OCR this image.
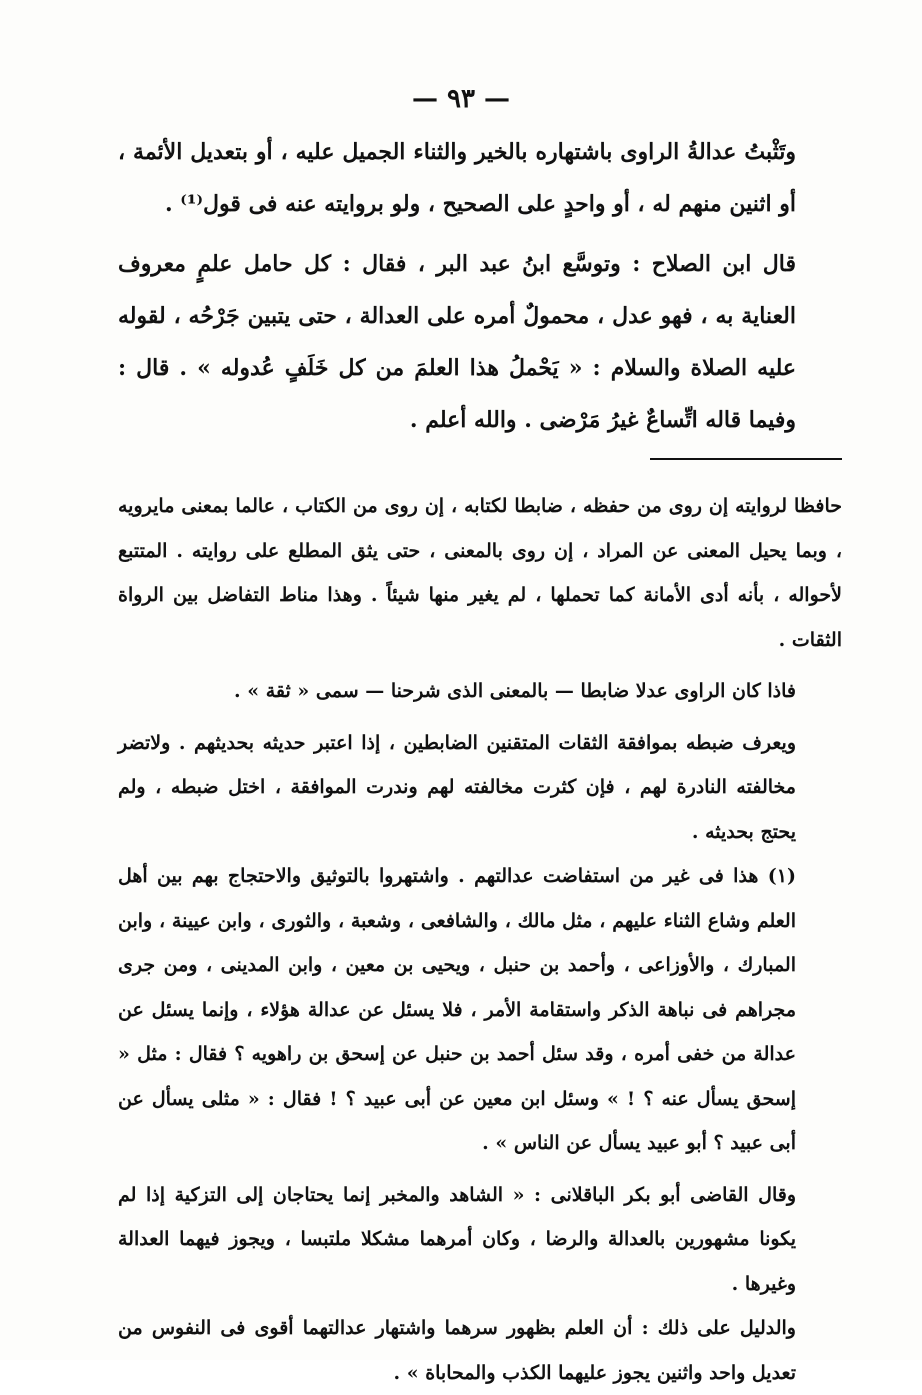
— ٩٣ —

وتَثْبتُ عدالةُ الراوى باشتهاره بالخير والثناء الجميل عليه ، أو بتعديل الأئمة ، أو اثنين منهم له ، أو واحدٍ على الصحيح ، ولو بروايته عنه فى قول⁽¹⁾ .

قال ابن الصلاح : وتوسَّع ابنُ عبد البر ، فقال : كل حامل علمٍ معروف العناية به ، فهو عدل ، محمولٌ أمره على العدالة ، حتى يتبين جَرْحُه ، لقوله عليه الصلاة والسلام : « يَحْملُ هذا العلمَ من كل خَلَفٍ عُدوله » . قال : وفيما قاله اتِّساعٌ غيرُ مَرْضى . والله أعلم .

حافظا لروايته إن روى من حفظه ، ضابطا لكتابه ، إن روى من الكتاب ، عالما بمعنى مايرويه ، وبما يحيل المعنى عن المراد ، إن روى بالمعنى ، حتى يثق المطلع على روايته . المتتبع لأحواله ، بأنه أدى الأمانة كما تحملها ، لم يغير منها شيئاً . وهذا مناط التفاضل بين الرواة الثقات .

فاذا كان الراوى عدلا ضابطا — بالمعنى الذى شرحنا — سمى « ثقة » .

ويعرف ضبطه بموافقة الثقات المتقنين الضابطين ، إذا اعتبر حديثه بحديثهم . ولاتضر مخالفته النادرة لهم ، فإن كثرت مخالفته لهم وندرت الموافقة ، اختل ضبطه ، ولم يحتج بحديثه .

(١) هذا فى غير من استفاضت عدالتهم . واشتهروا بالتوثيق والاحتجاج بهم بين أهل العلم وشاع الثناء عليهم ، مثل مالك ، والشافعى ، وشعبة ، والثورى ، وابن عيينة ، وابن المبارك ، والأوزاعى ، وأحمد بن حنبل ، ويحيى بن معين ، وابن المدينى ، ومن جرى مجراهم فى نباهة الذكر واستقامة الأمر ، فلا يسئل عن عدالة هؤلاء ، وإنما يسئل عن عدالة من خفى أمره ، وقد سئل أحمد بن حنبل عن إسحق بن راهويه ؟ فقال : مثل « إسحق يسأل عنه ؟ ! » وسئل ابن معين عن أبى عبيد ؟ ! فقال : « مثلى يسأل عن أبى عبيد ؟ أبو عبيد يسأل عن الناس » .

وقال القاضى أبو بكر الباقلانى : « الشاهد والمخبر إنما يحتاجان إلى التزكية إذا لم يكونا مشهورين بالعدالة والرضا ، وكان أمرهما مشكلا ملتبسا ، ويجوز فيهما العدالة وغيرها .

والدليل على ذلك : أن العلم بظهور سرهما واشتهار عدالتهما أقوى فى النفوس من تعديل واحد واثنين يجوز عليهما الكذب والمحاباة » .
